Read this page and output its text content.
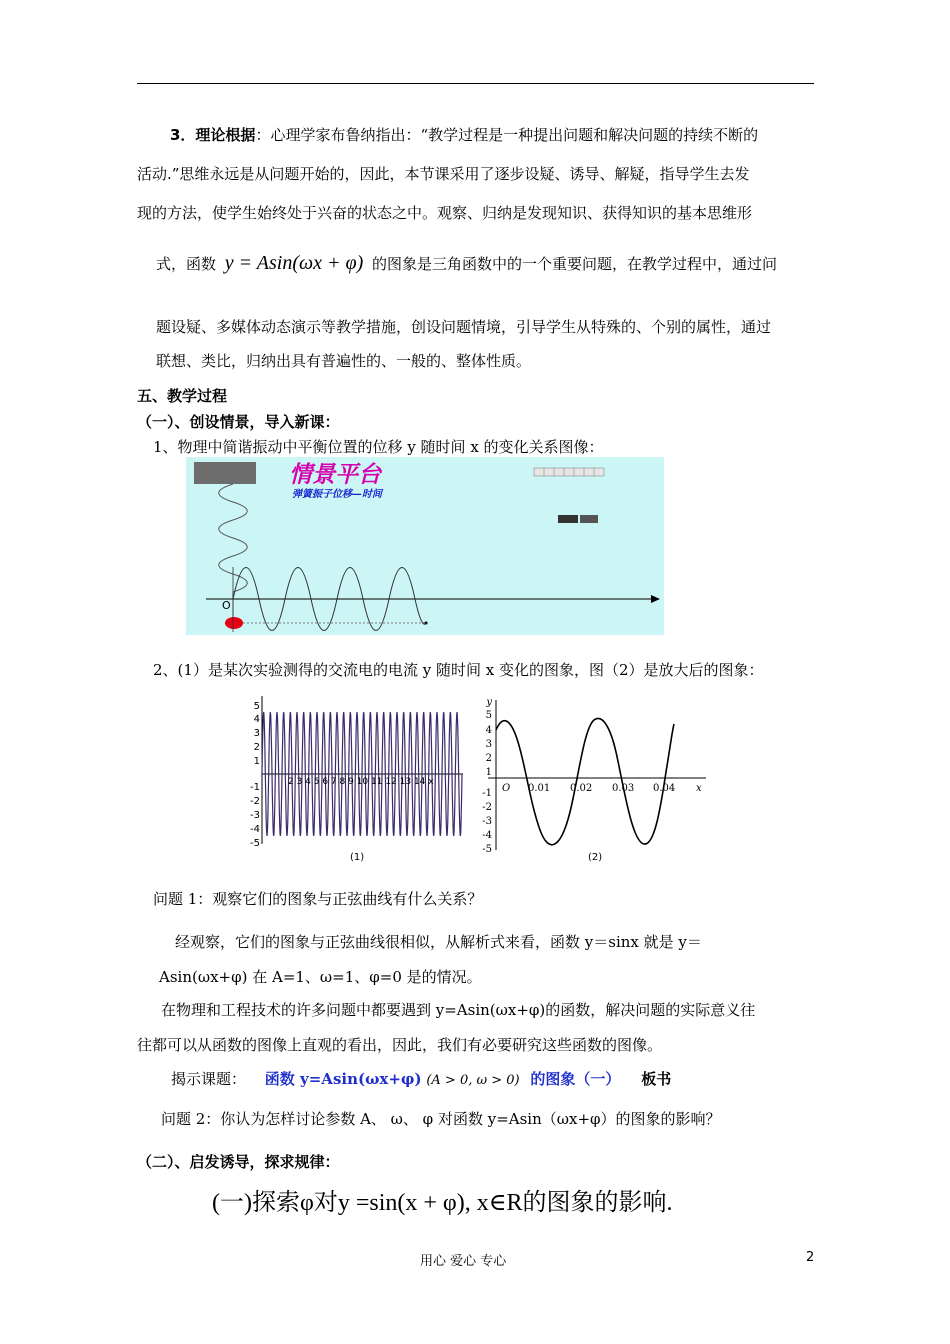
3．理论根据：心理学家布鲁纳指出：“教学过程是一种提出问题和解决问题的持续不断的
活动.”思维永远是从问题开始的，因此，本节课采用了逐步设疑、诱导、解疑，指导学生去发
现的方法，使学生始终处于兴奋的状态之中。观察、归纳是发现知识、获得知识的基本思维形
式，函数 y = Asin(ωx + φ) 的图象是三角函数中的一个重要问题，在教学过程中，通过问
题设疑、多媒体动态演示等教学措施，创设问题情境，引导学生从特殊的、个别的属性，通过
联想、类比，归纳出具有普遍性的、一般的、整体性质。
五、教学过程
（一）、创设情景，导入新课：
1、物理中简谐振动中平衡位置的位移 y 随时间 x 的变化关系图像：
O
情景平台
弹簧振子位移—时间
2、(1）是某次实验测得的交流电的电流 y 随时间 x 变化的图象，图（2）是放大后的图象：
5
4
3
2
1
-1
-2
-3
-4
-5
2 3 4 5 6 7 8 9 10 11 12 13 14 x
(1)
y
5
4
3
2
1
-1
-2
-3
-4
-5
O 0.01 0.02 0.03 0.04 x
(2)
问题 1：观察它们的图象与正弦曲线有什么关系？
经观察，它们的图象与正弦曲线很相似，从解析式来看，函数 y＝sinx 就是 y＝
Asin(ωx+φ) 在 A=1、ω=1、φ=0 是的情况。
在物理和工程技术的许多问题中都要遇到 y=Asin(ωx+φ)的函数，解决问题的实际意义往
往都可以从函数的图像上直观的看出，因此，我们有必要研究这些函数的图像。
揭示课题： 函数 y=Asin(ωx+φ) (A > 0, ω > 0) 的图象（一） 板书
问题 2：你认为怎样讨论参数 A、 ω、 φ 对函数 y=Asin（ωx+φ）的图象的影响？
（二）、启发诱导，探求规律：
(一)探索φ对y =sin(x + φ), x∈R的图象的影响.
用心 爱心 专心	2
